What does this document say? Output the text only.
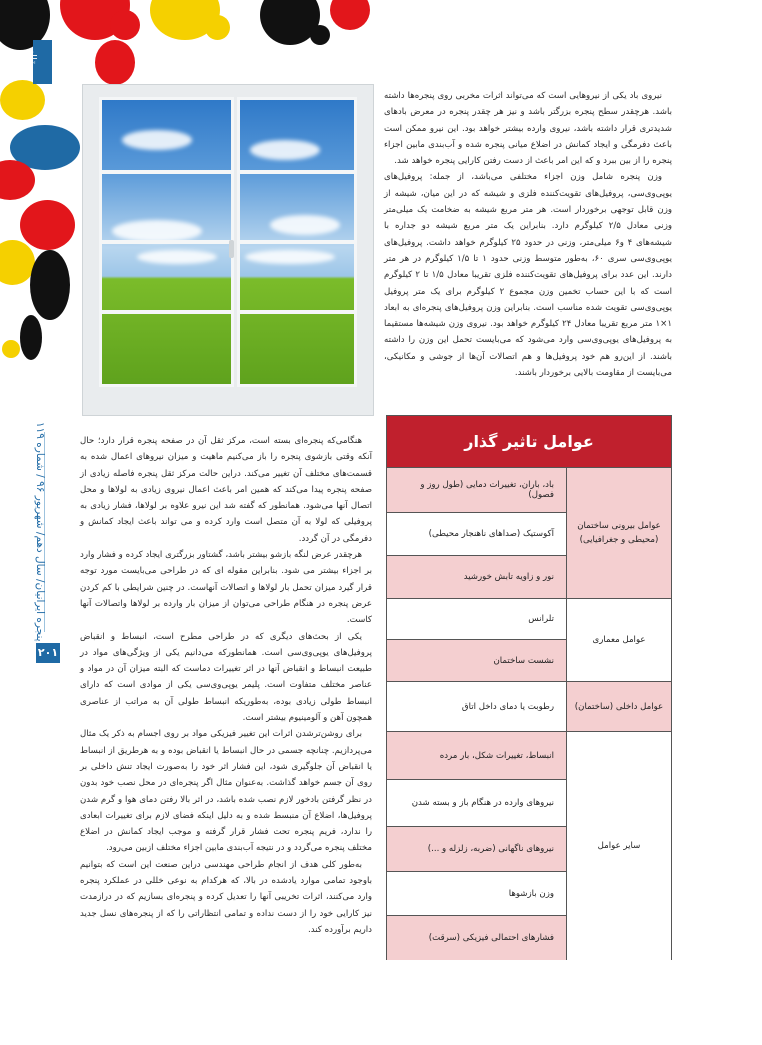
مقاله
پنجره ایرانیان/ سال دهم/ شهریور ۹۶ / شماره ۱۱۹
۲۰۱

نیروی باد یکی از نیروهایی است که می‌تواند اثرات مخربی روی پنجره‌ها داشته باشد. هرچقدر سطح پنجره بزرگتر باشد و نیز هر چقدر پنجره در معرض بادهای شدیدتری قرار داشته باشد، نیروی وارده بیشتر خواهد بود. این نیرو ممکن است باعث دفرمگی و ایجاد کمانش در اضلاع میانی پنجره شده و آب‌بندی مابین اجزاء پنجره را از بین ببرد و که این امر باعث از دست رفتن کارایی پنجره خواهد شد.

وزن پنجره شامل وزن اجزاء مختلفی می‌باشد، از جمله: پروفیل‌های یوپی‌وی‌سی، پروفیل‌های تقویت‌کننده فلزی و شیشه که در این میان، شیشه از وزن قابل توجهی برخوردار است. هر متر مربع شیشه به ضخامت یک میلی‌متر وزنی معادل ۲/۵ کیلوگرم دارد. بنابراین یک متر مربع شیشه دو جداره با شیشه‌های ۴ و۶ میلی‌متر، وزنی در حدود ۲۵ کیلوگرم خواهد داشت. پروفیل‌های یوپی‌وی‌سی سری ۶۰، به‌طور متوسط وزنی حدود ۱ تا ۱/۵ کیلوگرم در هر متر دارند. این عدد برای پروفیل‌های تقویت‌کننده فلزی تقریبا معادل ۱/۵ تا ۲ کیلوگرم است که با این حساب تخمین وزن مجموع ۲ کیلوگرم برای یک متر پروفیل یوپی‌وی‌سی تقویت شده مناسب است. بنابراین وزن پروفیل‌های پنجره‌ای به ابعاد ۱×۱ متر مربع تقریبا معادل ۲۴ کیلوگرم خواهد بود. نیروی وزن شیشه‌ها مستقیما به پروفیل‌های یوپی‌وی‌سی وارد می‌شود که می‌بایست تحمل این وزن را داشته باشند. از این‌رو هم خود پروفیل‌ها و هم اتصالات آن‌ها از جوشی و مکانیکی، می‌بایست از مقاومت بالایی برخوردار باشند.

هنگامی‌که پنجره‌ای بسته است، مرکز ثقل آن در صفحه پنجره قرار دارد؛ حال آنکه وقتی بازشوی پنجره را باز می‌کنیم ماهیت و میزان نیروهای اعمال شده به قسمت‌های مختلف آن تغییر می‌کند. دراین حالت مرکز ثقل پنجره فاصله زیادی از صفحه پنجره پیدا می‌کند که همین امر باعث اعمال نیروی زیادی به لولاها و محل اتصال آنها می‌شود. همانطور که گفته شد این نیرو علاوه بر لولاها، فشار زیادی به پروفیلی که لولا به آن متصل است وارد کرده و می تواند باعث ایجاد کمانش و دفرمگی در آن گردد.

هرچقدر عرض لنگه بازشو بیشتر باشد، گشتاور بزرگتری ایجاد کرده و فشار وارد بر اجزاء بیشتر می شود. بنابراین مقوله ای که در طراحی می‌بایست مورد توجه قرار گیرد میزان تحمل بار لولاها و اتصالات آنهاست. در چنین شرایطی با کم کردن عرض پنجره در هنگام طراحی می‌توان از میزان بار وارده بر لولاها واتصالات آنها کاست.

یکی از بحث‌های دیگری که در طراحی مطرح است، انبساط و انقباض پروفیل‌های یوپی‌وی‌سی است. همانطورکه می‌دانیم یکی از ویژگی‌های مواد در طبیعت انبساط و انقباض آنها در اثر تغییرات دماست که البته میزان آن در مواد و عناصر مختلف متفاوت است. پلیمر یوپی‌وی‌سی یکی از موادی است که دارای انبساط طولی زیادی بوده، به‌طوریکه انبساط طولی آن به مراتب از عناصری همچون آهن و آلومینیوم بیشتر است.

برای روشن‌ترشدن اثرات این تغییر فیزیکی مواد بر روی اجسام به ذکر یک مثال می‌پردازیم. چنانچه جسمی در حال انبساط یا انقباض بوده و به هرطریق از انبساط یا انقباض آن جلوگیری شود، این فشار اثر خود را به‌صورت ایجاد تنش داخلی بر روی آن جسم خواهد گذاشت. به‌عنوان مثال اگر پنجره‌ای در محل نصب خود بدون در نظر گرفتن بادخور لازم نصب شده باشد، در اثر بالا رفتن دمای هوا و گرم شدن پروفیل‌ها، اضلاع آن منبسط شده و به دلیل اینکه فضای لازم برای تغییرات ابعادی را ندارد، فریم پنجره تحت فشار قرار گرفته و موجب ایجاد کمانش در اضلاع مختلف پنجره می‌گردد و در نتیجه آب‌بندی مابین اجزاء مختلف ازبین می‌رود.

به‌طور کلی هدف از انجام طراحی مهندسی دراین صنعت این است که بتوانیم باوجود تمامی موارد یادشده در بالا، که هرکدام به نوعی خللی در عملکرد پنجره وارد می‌کنند، اثرات تخریبی آنها را تعدیل کرده و پنجره‌ای بسازیم که در درازمدت نیز کارایی خود را از دست نداده و تمامی انتظاراتی را که از پنجره‌های نسل جدید داریم برآورده کند.

عوامل تاثیر گذار
عوامل بیرونی ساختمان (محیطی و جغرافیایی)
باد، باران، تغییرات دمایی (طول روز و فصول)
آکوستیک (صداهای ناهنجار محیطی)
نور و زاویه تابش خورشید
عوامل معماری
تلرانس
نشست ساختمان
عوامل داخلی (ساختمان)
رطوبت یا دمای داخل اتاق
سایر عوامل
انبساط، تغییرات شکل، بار مرده
نیروهای وارده در هنگام باز و بسته شدن
نیروهای ناگهانی (ضربه، زلزله و ...)
وزن بازشوها
فشارهای احتمالی فیزیکی (سرقت)
